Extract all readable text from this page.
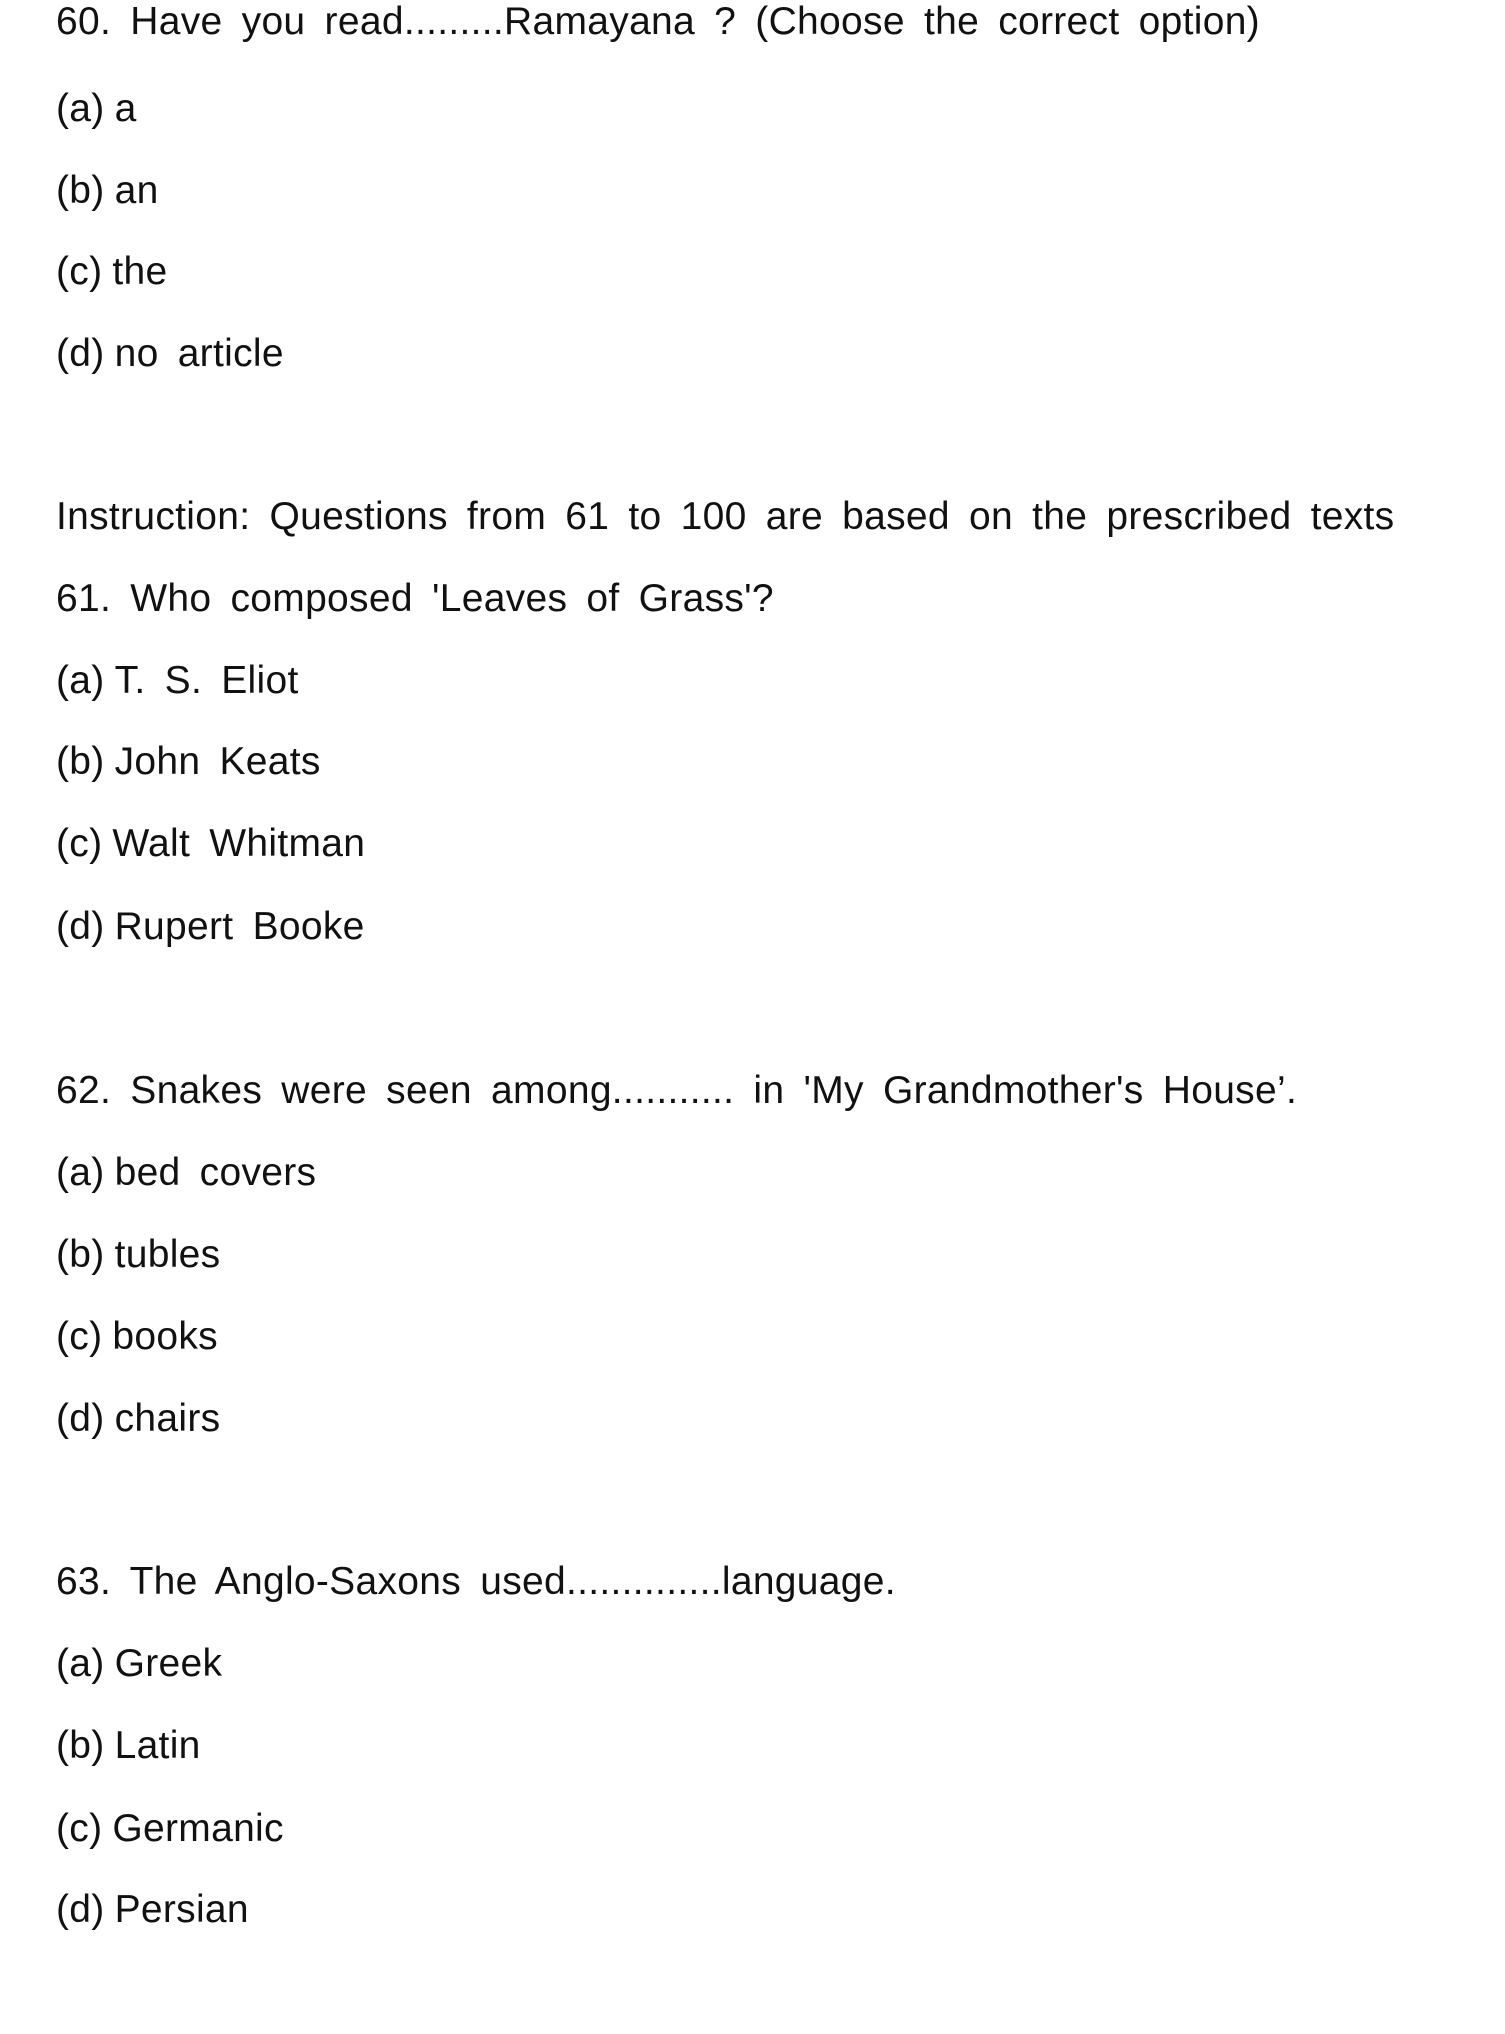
60. Have you read.........Ramayana ? (Choose the correct option)
(a) a
(b) an
(c) the
(d) no article
Instruction: Questions from 61 to 100 are based on the prescribed texts
61. Who composed 'Leaves of Grass'?
(a) T. S. Eliot
(b) John Keats
(c) Walt Whitman
(d) Rupert Booke
62. Snakes were seen among........... in 'My Grandmother's House’.
(a) bed covers
(b) tubles
(c) books
(d) chairs
63. The Anglo-Saxons used..............language.
(a) Greek
(b) Latin
(c) Germanic
(d) Persian
